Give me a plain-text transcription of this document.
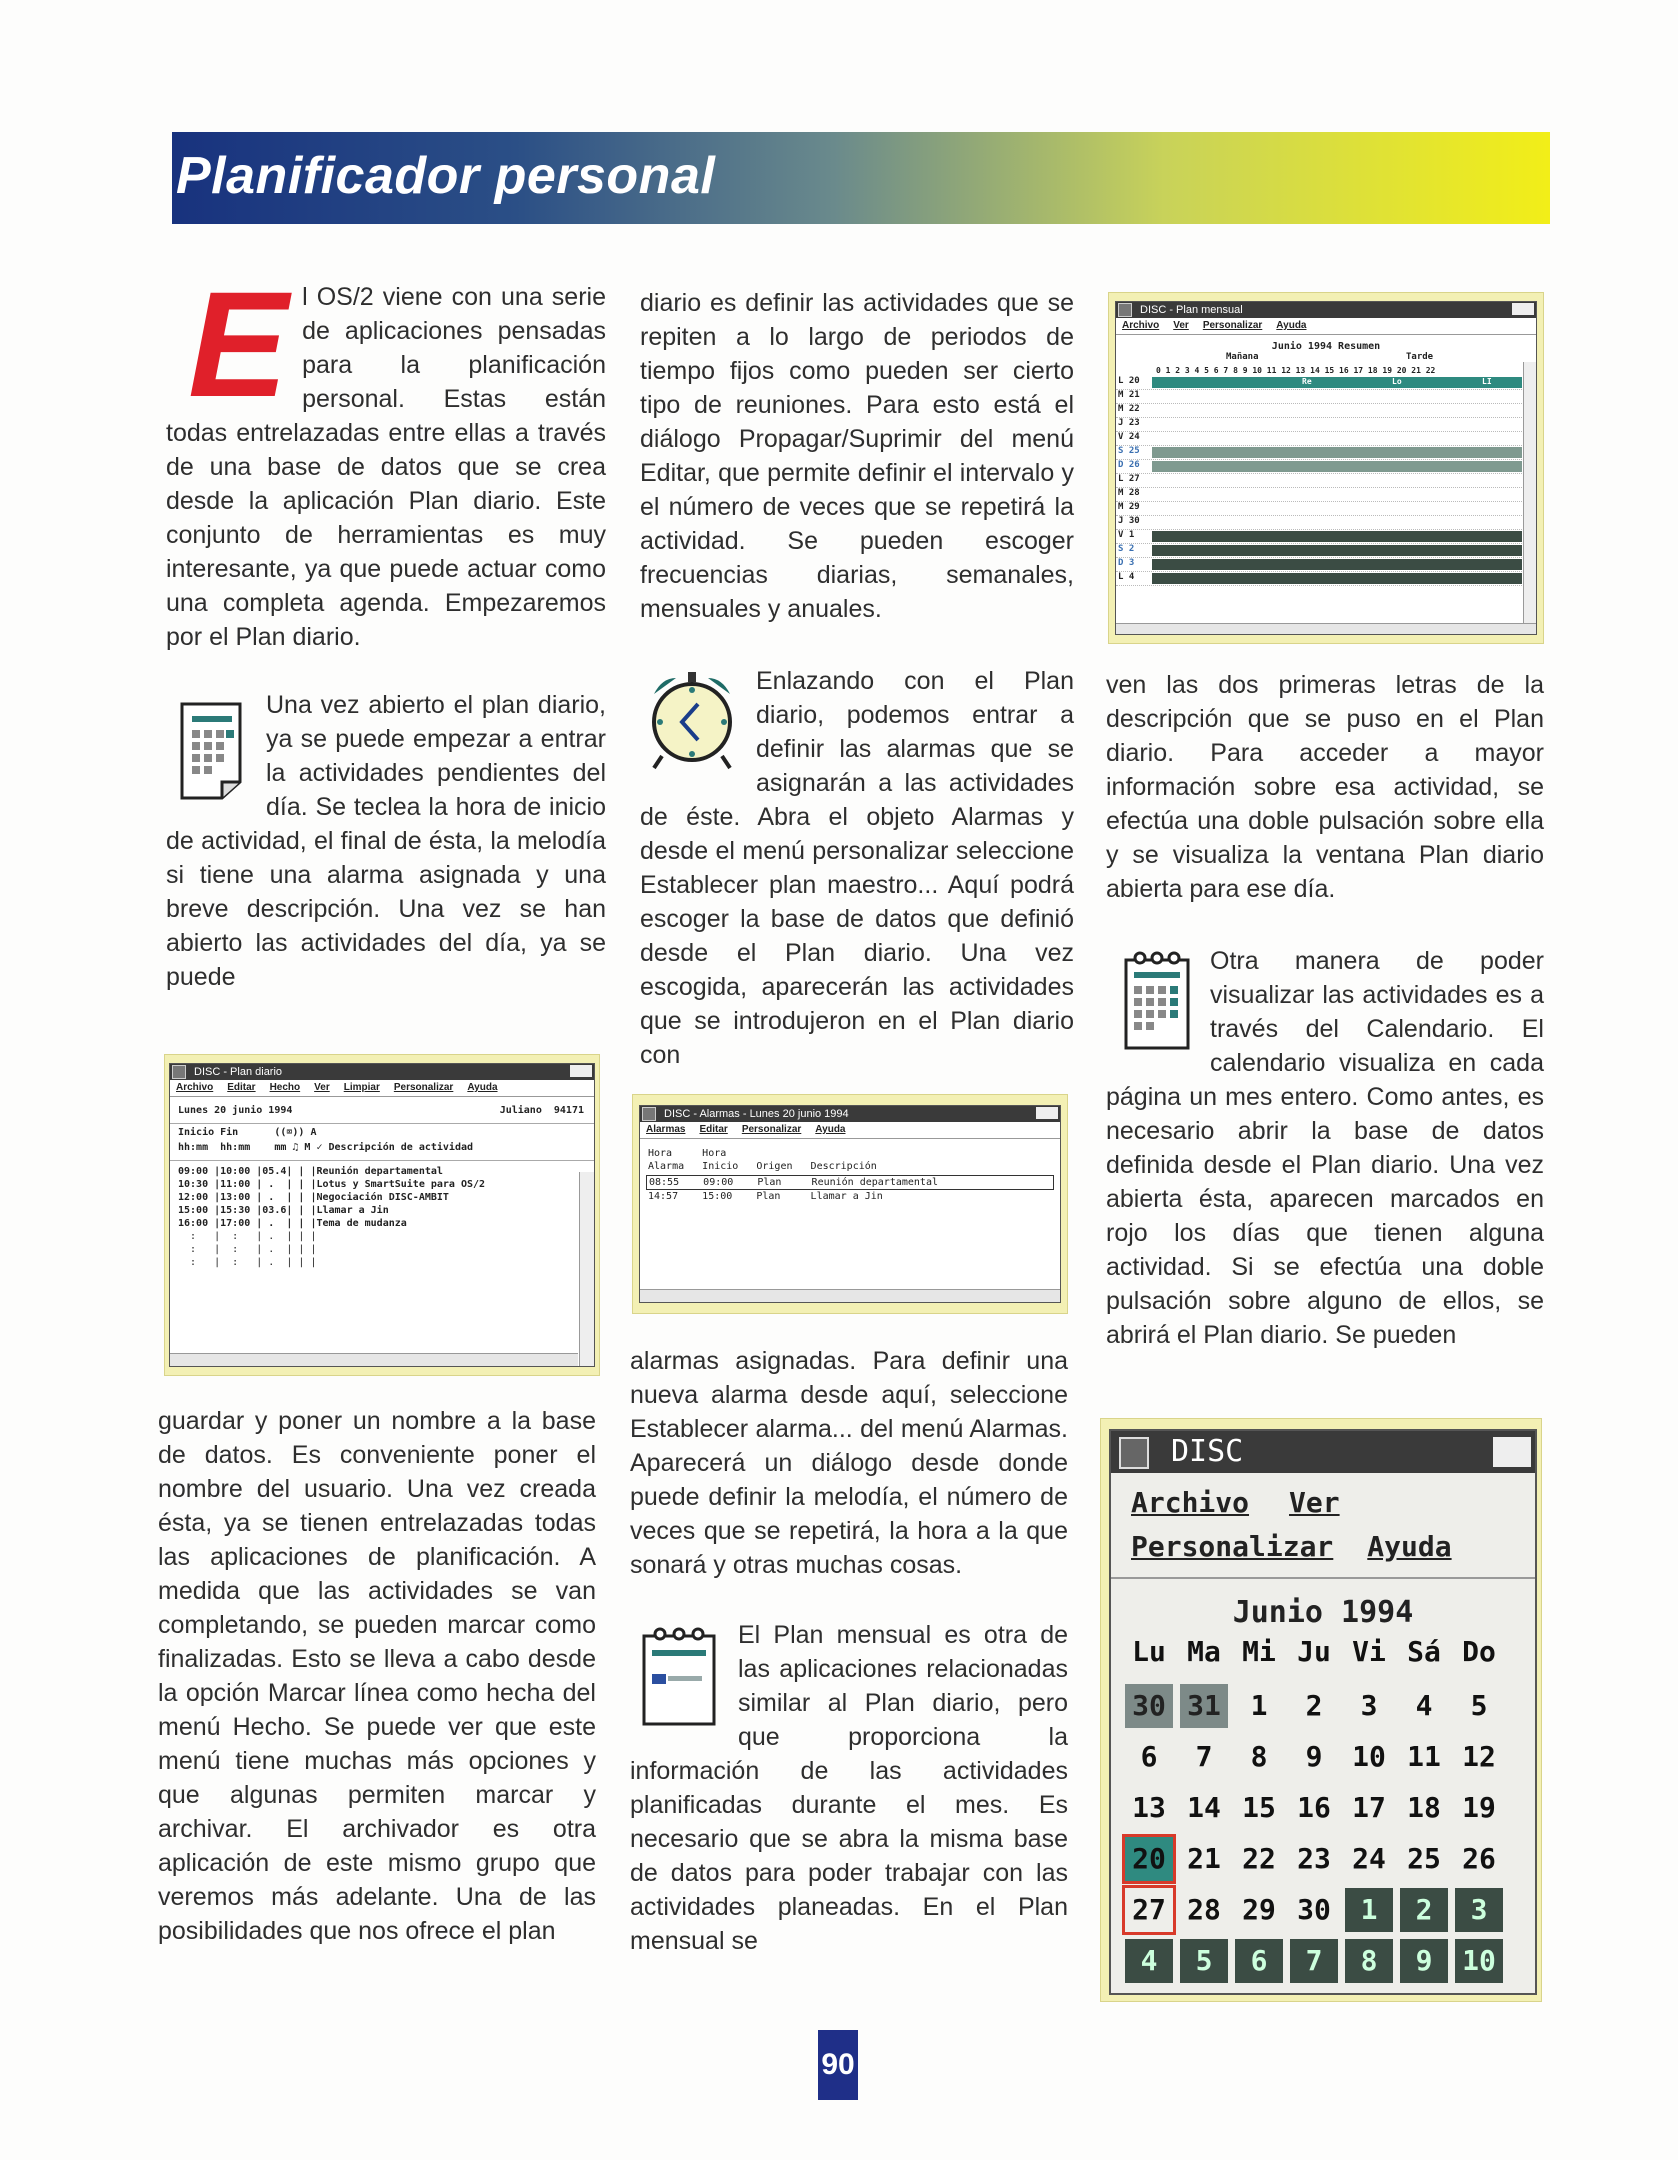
Planificador personal

El OS/2 viene con una serie de aplicaciones pensadas para la planificación personal. Estas están todas entrelazadas entre ellas a través de una base de datos que se crea desde la aplicación Plan diario. Este conjunto de herramientas es muy interesante, ya que puede actuar como una completa agenda. Empezaremos por el Plan diario.

Una vez abierto el plan diario, ya se puede empezar a entrar la actividades pendientes del día. Se teclea la hora de inicio de actividad, el final de ésta, la melodía si tiene una alarma asignada y una breve descripción. Una vez se han abierto las actividades del día, ya se puede

DISC - Plan diario
Archivo Editar Hecho Ver Limpiar Personalizar Ayuda
Lunes 20 junio 1994	Juliano  94171
Inicio Fin      ((⌧)) A
hh:mm  hh:mm    mm ♫ M ✓ Descripción de actividad
09:00 |10:00 |05.4| | |Reunión departamental
10:30 |11:00 | .  | | |Lotus y SmartSuite para OS/2
12:00 |13:00 | .  | | |Negociación DISC-AMBIT
15:00 |15:30 |03.6| | |Llamar a Jin
16:00 |17:00 | .  | | |Tema de mudanza
:   |  :   | .  | | |
:   |  :   | .  | | |
:   |  :   | .  | | |

guardar y poner un nombre a la base de datos. Es conveniente poner el nombre del usuario. Una vez creada ésta, ya se tienen entrelazadas todas las aplicaciones de planificación. A medida que las actividades se van completando, se pueden marcar como finalizadas. Esto se lleva a cabo desde la opción Marcar línea como hecha del menú Hecho. Se puede ver que este menú tiene muchas más opciones y que algunas permiten marcar y archivar. El archivador es otra aplicación de este mismo grupo que veremos más adelante. Una de las posibilidades que nos ofrece el plan

diario es definir las actividades que se repiten a lo largo de periodos de tiempo fijos como pueden ser cierto tipo de reuniones. Para esto está el diálogo Propagar/Suprimir del menú Editar, que permite definir el intervalo y el número de veces que se repetirá la actividad. Se pueden escoger frecuencias diarias, semanales, mensuales y anuales.

Enlazando con el Plan diario, podemos entrar a definir las alarmas que se asignarán a las actividades de éste. Abra el objeto Alarmas y desde el menú personalizar seleccione Establecer plan maestro... Aquí podrá escoger la base de datos que definió desde el Plan diario. Una vez escogida, aparecerán las actividades que se introdujeron en el Plan diario con

DISC - Alarmas - Lunes 20 junio 1994
Alarmas Editar Personalizar Ayuda
Hora     Hora
Alarma   Inicio   Origen   Descripción
08:55    09:00    Plan     Reunión departamental
14:57    15:00    Plan     Llamar a Jin

alarmas asignadas. Para definir una nueva alarma desde aquí, seleccione Establecer alarma... del menú Alarmas. Aparecerá un diálogo desde donde puede definir la melodía, el número de veces que se repetirá, la hora a la que sonará y otras muchas cosas.

El Plan mensual es otra de las aplicaciones relacionadas similar al Plan diario, pero que proporciona la información de las actividades planificadas durante el mes. Es necesario que se abra la misma base de datos para poder trabajar con las actividades planeadas. En el Plan mensual se

DISC - Plan mensual
Archivo Ver Personalizar Ayuda
Junio 1994 Resumen
Mañana	Tarde
0 1 2 3 4 5 6 7 8 9 10 11 12 13 14 15 16 17 18 19 20 21 22
L 20	Re	Lo	LI
M 21
M 22
J 23
V 24
S 25
D 26
L 27
M 28
M 29
J 30
V 1
S 2
D 3
L 4

ven las dos primeras letras de la descripción que se puso en el Plan diario. Para acceder a mayor información sobre esa actividad, se efectúa una doble pulsación sobre ella y se visualiza la ventana Plan diario abierta para ese día.

Otra manera de poder visualizar las actividades es a través del Calendario. El calendario visualiza en cada página un mes entero. Como antes, es necesario abrir la base de datos definida desde el Plan diario. Una vez abierta ésta, aparecen marcados en rojo los días que tienen alguna actividad. Si se efectúa una doble pulsación sobre alguno de ellos, se abrirá el Plan diario. Se pueden

DISC
Archivo Ver
Personalizar Ayuda
Junio 1994
Lu Ma Mi Ju Vi Sá Do
30 31 1 2 3 4 5
6 7 8 9 10 11 12
13 14 15 16 17 18 19
20 21 22 23 24 25 26
27 28 29 30 1 2 3
4 5 6 7 8 9 10
90
